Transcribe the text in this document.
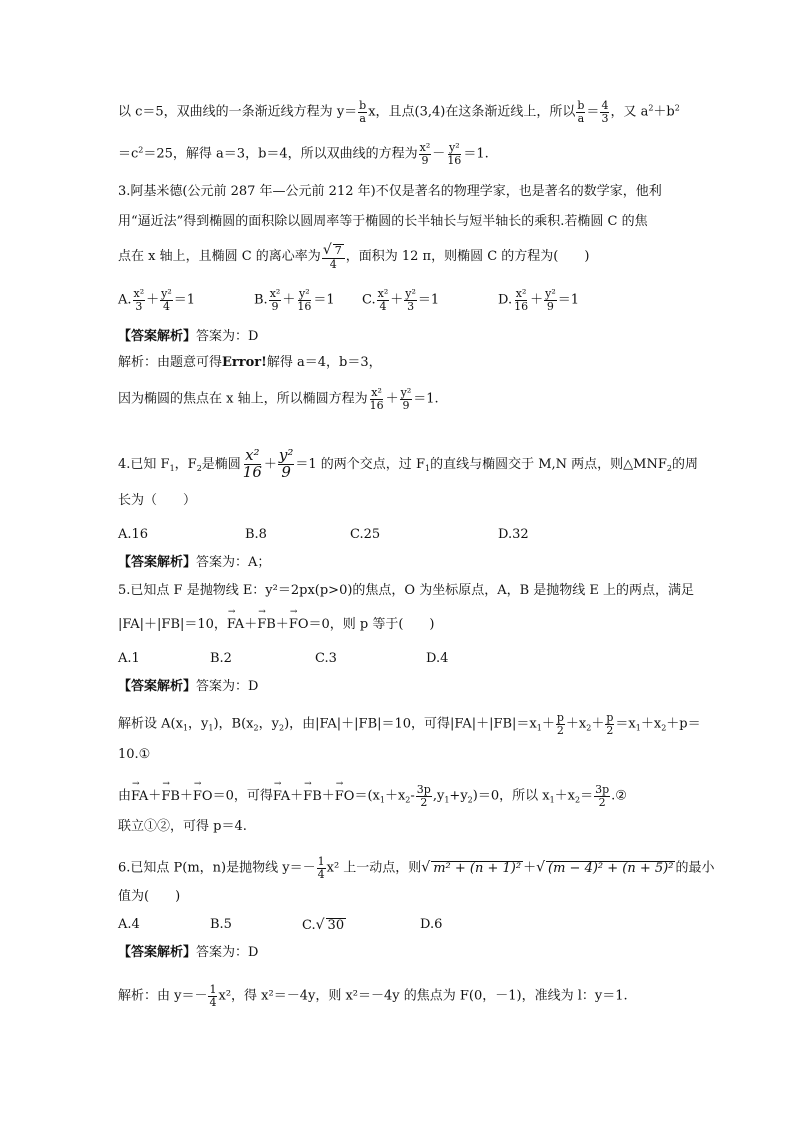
以 c＝5，双曲线的一条渐近线方程为 $y= \frac{b}{a}$ x，且点(3,4)在这条渐近线上，所以 $\frac{b}{a} = \frac{4}{3}$ ，又 $a^2+b^2$
$=c^2=25$，解得 a＝3，b＝4，所以双曲线的方程为 $\frac{\text{x²}}{9} - \frac{\text{y²}}{16} =1$.
3.阿基米德(公元前 287 年—公元前 212 年)不仅是著名的物理学家，也是著名的数学家，他利
用“逼近法”得到椭圆的面积除以圆周率等于椭圆的长半轴长与短半轴长的乘积.若椭圆 C 的焦
点在 x 轴上，且椭圆 C 的离心率为 $\frac{√ 7}{4}$ ，面积为 12 π，则椭圆 C 的方程为(　　)
A. $\frac{\text{x²}}{3} + \frac{\text{y²}}{4} =1$	B. $\frac{\text{x²}}{9} + \frac{\text{y²}}{16} =1$ C. $\frac{\text{x²}}{4} + \frac{\text{y²}}{3} =1$	D. $\frac{\text{x²}}{16} + \frac{\text{y²}}{9} =1$
【答案解析】答案为：D
解析：由题意可得Error!解得 a＝4，b＝3，
因为椭圆的焦点在 x 轴上，所以椭圆方程为 $\frac{\text{x²}}{16} + \frac{\text{y²}}{9} =1$.
4.已知 $F_1$，$F_2$是椭圆 $\frac{\text{x²}}{16} + \frac{\text{y²}}{9} =1$ 的两个交点，过 $F_1$的直线与椭圆交于 M,N 两点，则$\triangle MNF_2$的周
长为（　　）
A.16	B.8	C.25	D.32
【答案解析】答案为：A；
5.已知点 F 是抛物线 E：y²＝2px(p>0)的焦点，O 为坐标原点，A，B 是抛物线 E 上的两点，满足
|FA|＋|FB|＝10，→ FA＋→ FB＋→ FO＝0，则 p 等于(　　)
A.1	B.2	C.3	D.4
【答案解析】答案为：D
解析设 $A(x_1$，$y_1$)，$B(x_2$，$y_2$)，由|FA|＋|FB|＝10，可得$|FA|+|FB|=x_1+ \frac{p}{2} +x_2+ \frac{p}{2} =x_1+x_2+p=$
10.①
由→ FA＋→ FB＋→ FO＝0，可得→ $FA+\to FB+\to FO=(x_1+x_2- \frac{3p}{2} ,y_1+y_2)=0$，所以 $x_1+x_2= \frac{3p}{2}$ .②
联立①②，可得 p＝4.
6.已知点 P(m，n)是抛物线 $y=- \frac{1}{4} x^2$ 上一动点，则√ m² + (n + 1)² ＋√ (m − 4)² + (n + 5)² 的最小
值为(　　)
A.4	B.5	C.√ 30	D.6
【答案解析】答案为：D
解析：由 $y=- \frac{1}{4} x^2$，得 x²＝－4y，则 x²＝－4y 的焦点为 F(0，－1)，准线为 l：y＝1.
